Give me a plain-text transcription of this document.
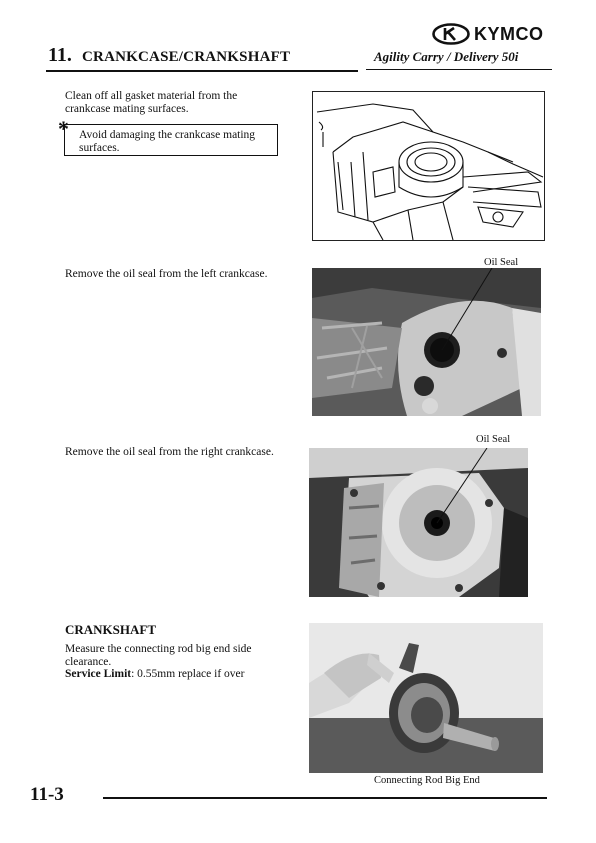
11. CRANKCASE/CRANKSHAFT
KYMCO
Agility Carry / Delivery 50i
Clean off all gasket material from the crankcase mating surfaces.
* Avoid damaging the crankcase mating surfaces.
Remove the oil seal from the left crankcase.
Oil Seal
Remove the oil seal from the right crankcase.
Oil Seal
CRANKSHAFT
Measure the connecting rod big end side clearance.
Service Limit: 0.55mm replace if over
Connecting Rod Big End
11-3
